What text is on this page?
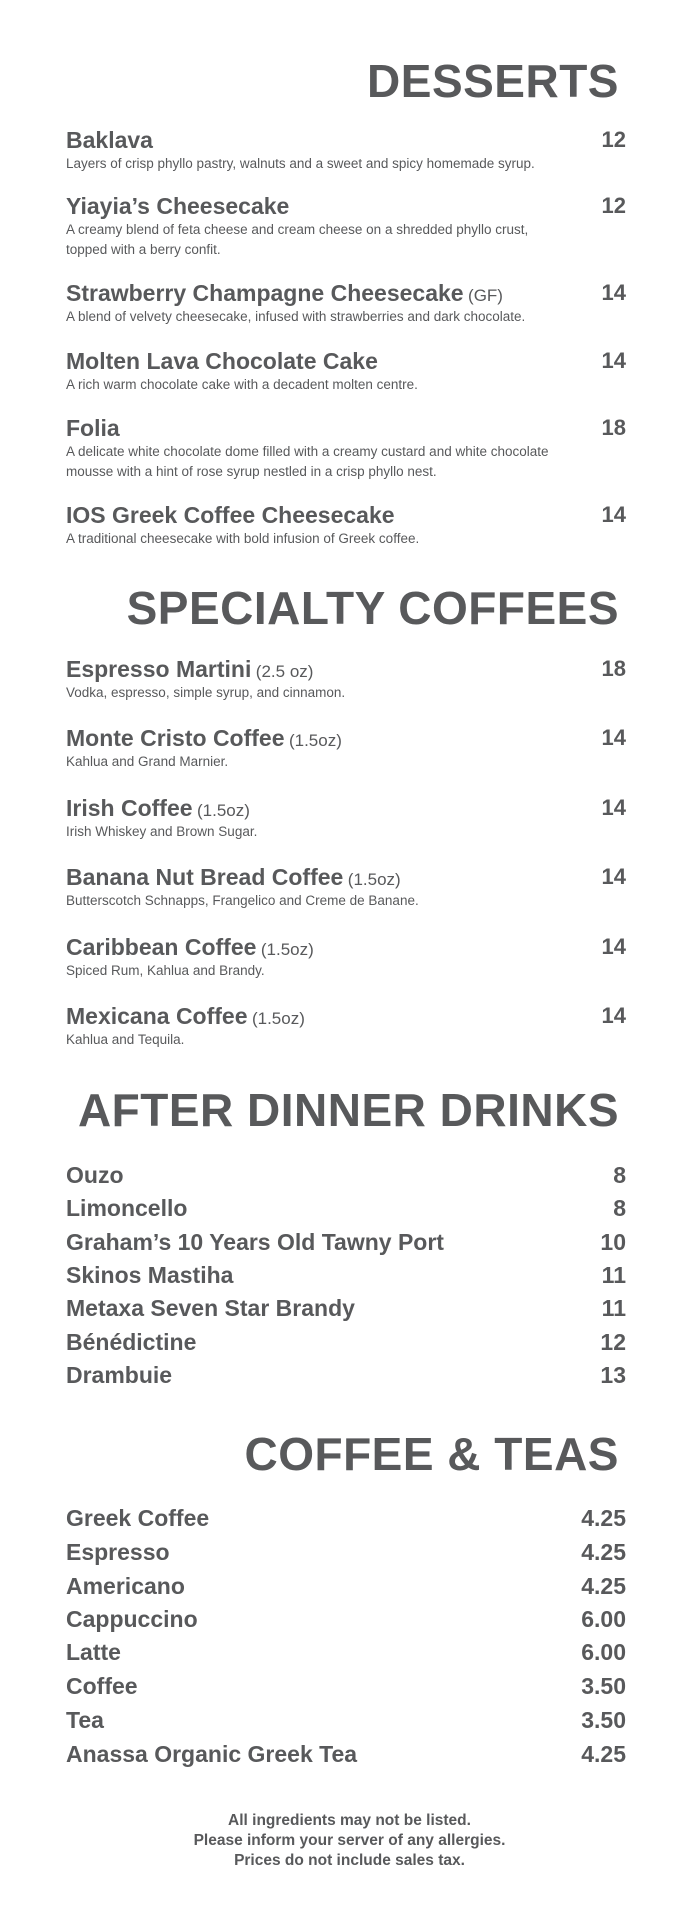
DESSERTS
Baklava	12
Layers of crisp phyllo pastry, walnuts and a sweet and spicy homemade syrup.
Yiayia’s Cheesecake	12
A creamy blend of feta cheese and cream cheese on a shredded phyllo crust, topped with a berry confit.
Strawberry Champagne Cheesecake (GF)	14
A blend of velvety cheesecake, infused with strawberries and dark chocolate.
Molten Lava Chocolate Cake	14
A rich warm chocolate cake with a decadent molten centre.
Folia	18
A delicate white chocolate dome filled with a creamy custard and white chocolate mousse with a hint of rose syrup nestled in a crisp phyllo nest.
IOS Greek Coffee Cheesecake	14
A traditional cheesecake with bold infusion of Greek coffee.
SPECIALTY COFFEES
Espresso Martini (2.5 oz)	18
Vodka, espresso, simple syrup, and cinnamon.
Monte Cristo Coffee (1.5oz)	14
Kahlua and Grand Marnier.
Irish Coffee (1.5oz)	14
Irish Whiskey and Brown Sugar.
Banana Nut Bread Coffee (1.5oz)	14
Butterscotch Schnapps, Frangelico and Creme de Banane.
Caribbean Coffee (1.5oz)	14
Spiced Rum, Kahlua and Brandy.
Mexicana Coffee (1.5oz)	14
Kahlua and Tequila.
AFTER DINNER DRINKS
Ouzo	8
Limoncello	8
Graham’s 10 Years Old Tawny Port	10
Skinos Mastiha	11
Metaxa Seven Star Brandy	11
Bénédictine	12
Drambuie	13
COFFEE & TEAS
Greek Coffee	4.25
Espresso	4.25
Americano	4.25
Cappuccino	6.00
Latte	6.00
Coffee	3.50
Tea	3.50
Anassa Organic Greek Tea	4.25
All ingredients may not be listed.
Please inform your server of any allergies.
Prices do not include sales tax.
